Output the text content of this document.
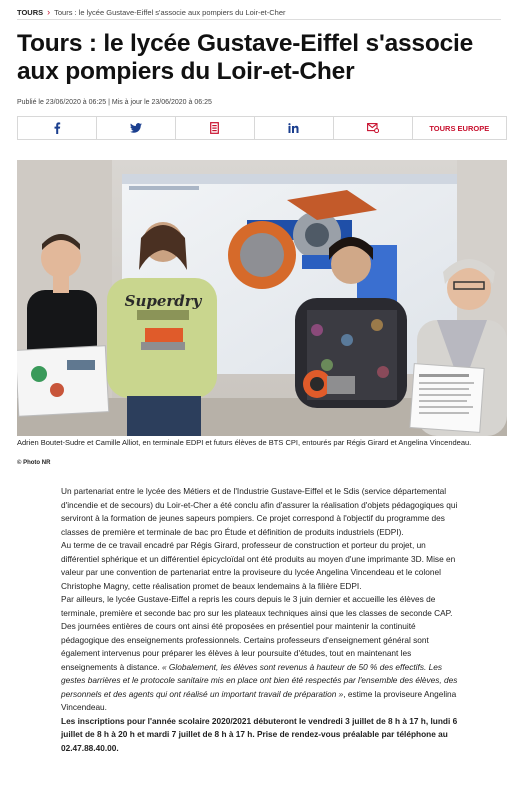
TOURS › Tours : le lycée Gustave-Eiffel s'associe aux pompiers du Loir-et-Cher
Tours : le lycée Gustave-Eiffel s'associe aux pompiers du Loir-et-Cher
Publié le 23/06/2020 à 06:25 | Mis à jour le 23/06/2020 à 06:25
TOURS EUROPE
Superdry
Adrien Boutet-Sudre et Camille Alliot, en terminale EDPI et futurs élèves de BTS CPI, entourés par Régis Girard et Angelina Vincendeau.
© Photo NR

Un partenariat entre le lycée des Métiers et de l'Industrie Gustave-Eiffel et le Sdis (service départemental d'incendie et de secours) du Loir-et-Cher a été conclu afin d'assurer la réalisation d'objets pédagogiques qui serviront à la formation de jeunes sapeurs pompiers. Ce projet correspond à l'objectif du programme des classes de première et terminale de bac pro Étude et définition de produits industriels (EDPI).

Au terme de ce travail encadré par Régis Girard, professeur de construction et porteur du projet, un différentiel sphérique et un différentiel épicycloïdal ont été produits au moyen d'une imprimante 3D. Mise en valeur par une convention de partenariat entre la proviseure du lycée Angelina Vincendeau et le colonel Christophe Magny, cette réalisation promet de beaux lendemains à la filière EDPI.

Par ailleurs, le lycée Gustave-Eiffel a repris les cours depuis le 3 juin dernier et accueille les élèves de terminale, première et seconde bac pro sur les plateaux techniques ainsi que les classes de seconde CAP. Des journées entières de cours ont ainsi été proposées en présentiel pour maintenir la continuité pédagogique des enseignements professionnels. Certains professeurs d'enseignement général sont également intervenus pour préparer les élèves à leur poursuite d'études, tout en maintenant les enseignements à distance. « Globalement, les élèves sont revenus à hauteur de 50 % des effectifs. Les gestes barrières et le protocole sanitaire mis en place ont bien été respectés par l'ensemble des élèves, des personnels et des agents qui ont réalisé un important travail de préparation », estime la proviseure Angelina Vincendeau.

Les inscriptions pour l'année scolaire 2020/2021 débuteront le vendredi 3 juillet de 8 h à 17 h, lundi 6 juillet de 8 h à 20 h et mardi 7 juillet de 8 h à 17 h. Prise de rendez-vous préalable par téléphone au 02.47.88.40.00.
